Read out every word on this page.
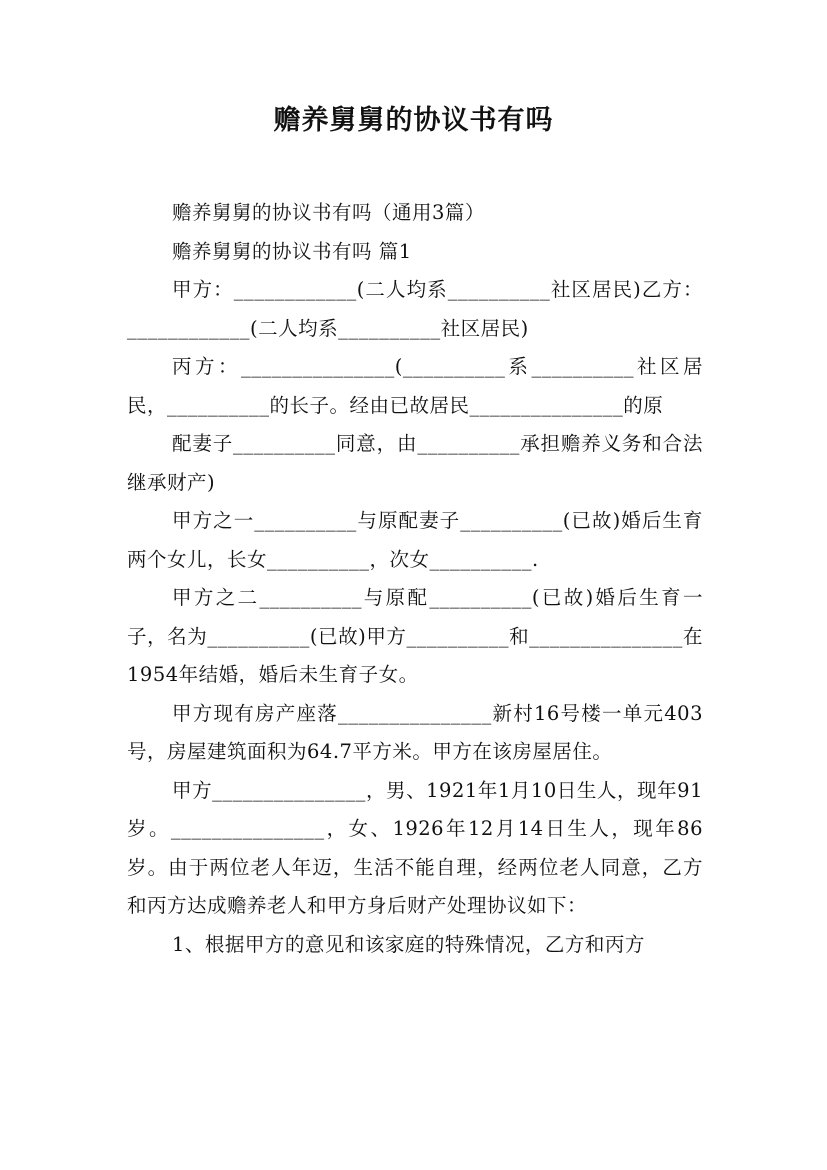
赡养舅舅的协议书有吗

赡养舅舅的协议书有吗（通用3篇）

赡养舅舅的协议书有吗 篇1

甲方：____________(二人均系__________社区居民)乙方：____________(二人均系__________社区居民)

丙方：_______________(__________系__________社区居民，__________的长子。经由已故居民_______________的原

配妻子__________同意，由__________承担赡养义务和合法继承财产)

甲方之一__________与原配妻子__________(已故)婚后生育两个女儿，长女__________，次女__________.

甲方之二__________与原配__________(已故)婚后生育一子，名为__________(已故)甲方__________和_______________在1954年结婚，婚后未生育子女。

甲方现有房产座落_______________新村16号楼一单元403号，房屋建筑面积为64.7平方米。甲方在该房屋居住。

甲方_______________，男、1921年1月10日生人，现年91岁。_______________，女、1926年12月14日生人，现年86岁。由于两位老人年迈，生活不能自理，经两位老人同意，乙方和丙方达成赡养老人和甲方身后财产处理协议如下：

1、根据甲方的意见和该家庭的特殊情况，乙方和丙方
